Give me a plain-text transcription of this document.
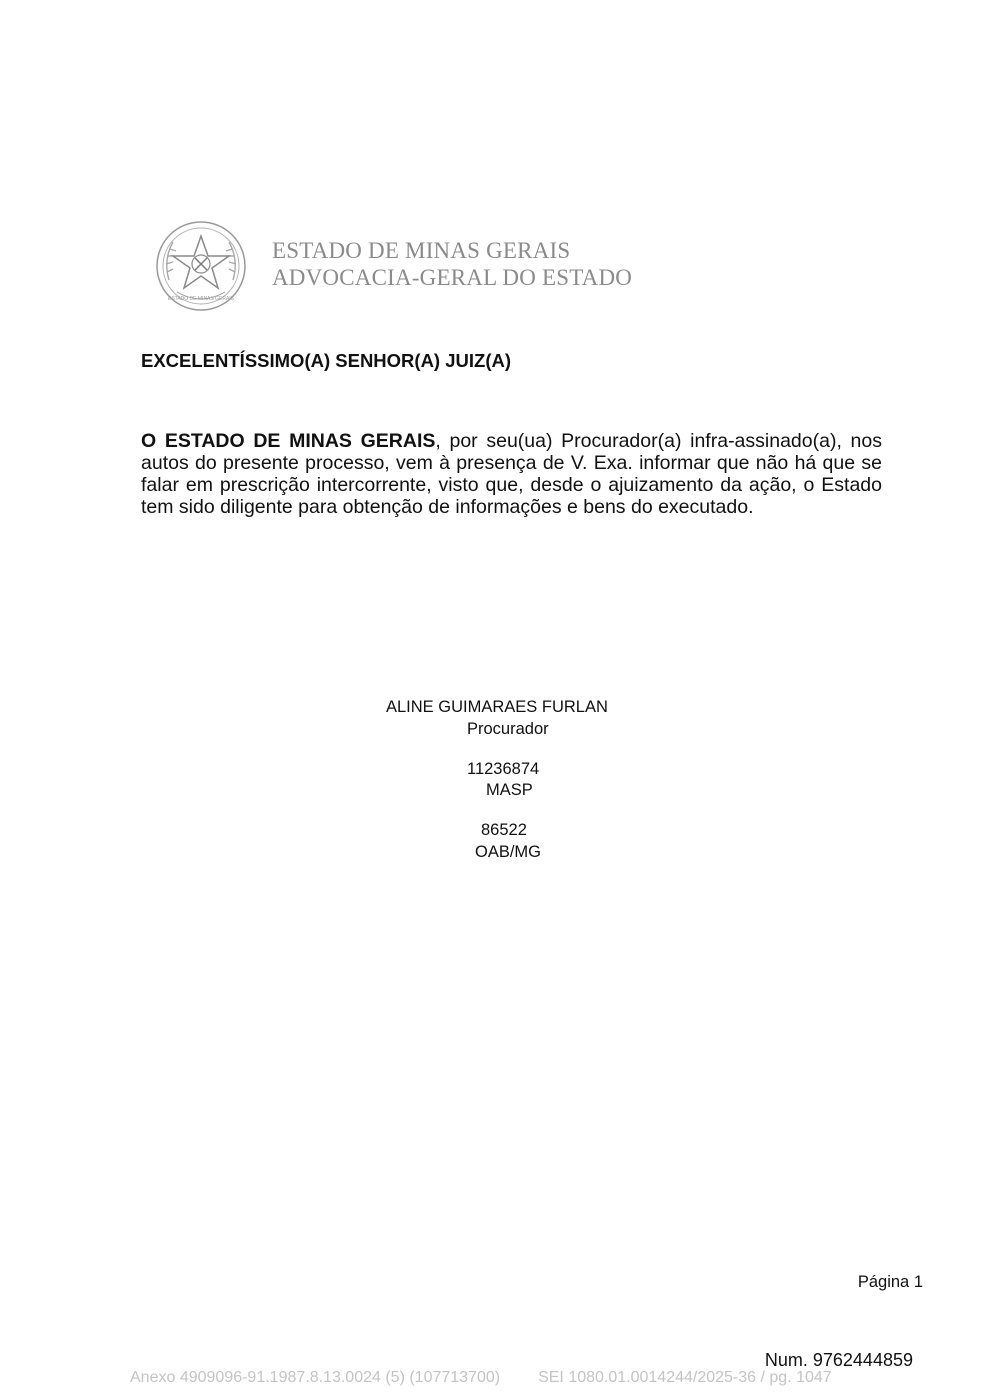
ESTADO DE MINAS GERAIS
ESTADO DE MINAS GERAIS
ADVOCACIA-GERAL DO ESTADO
EXCELENTÍSSIMO(A) SENHOR(A) JUIZ(A)
O ESTADO DE MINAS GERAIS, por seu(ua) Procurador(a) infra-assinado(a), nos autos do presente processo, vem à presença de V. Exa. informar que não há que se falar em prescrição intercorrente, visto que, desde o ajuizamento da ação, o Estado tem sido diligente para obtenção de informações e bens do executado.
ALINE GUIMARAES FURLAN
Procurador
11236874
MASP
86522
OAB/MG
Página 1
Num. 9762444859
Anexo 4909096-91.1987.8.13.0024 (5) (107713700) SEI 1080.01.0014244/2025-36 / pg. 1047
